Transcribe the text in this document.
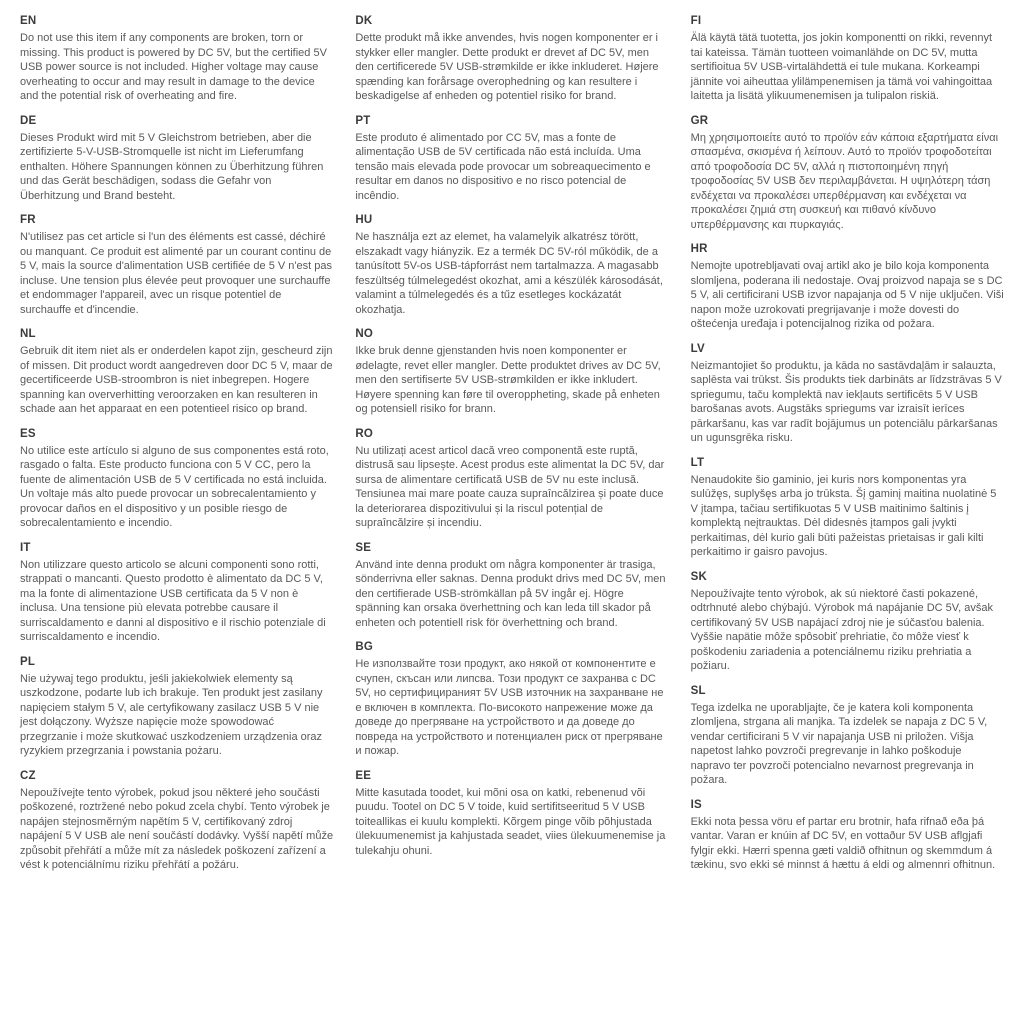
EN

Do not use this item if any components are broken, torn or missing. This product is powered by DC 5V, but the certified 5V USB power source is not included. Higher voltage may cause overheating to occur and may result in damage to the device and the potential risk of overheating and fire.

DE

Dieses Produkt wird mit 5 V Gleichstrom betrieben, aber die zertifizierte 5-V-USB-Stromquelle ist nicht im Lieferumfang enthalten. Höhere Spannungen können zu Überhitzung führen und das Gerät beschädigen, sodass die Gefahr von Überhitzung und Brand besteht.

FR

N'utilisez pas cet article si l'un des éléments est cassé, déchiré ou manquant. Ce produit est alimenté par un courant continu de 5 V, mais la source d'alimentation USB certifiée de 5 V n'est pas incluse. Une tension plus élevée peut provoquer une surchauffe et endommager l'appareil, avec un risque potentiel de surchauffe et d'incendie.

NL

Gebruik dit item niet als er onderdelen kapot zijn, gescheurd zijn of missen. Dit product wordt aangedreven door DC 5 V, maar de gecertificeerde USB-stroombron is niet inbegrepen. Hogere spanning kan oververhitting veroorzaken en kan resulteren in schade aan het apparaat en een potentieel risico op brand.

ES

No utilice este artículo si alguno de sus componentes está roto, rasgado o falta. Este producto funciona con 5 V CC, pero la fuente de alimentación USB de 5 V certificada no está incluida. Un voltaje más alto puede provocar un sobrecalentamiento y provocar daños en el dispositivo y un posible riesgo de sobrecalentamiento e incendio.

IT

Non utilizzare questo articolo se alcuni componenti sono rotti, strappati o mancanti. Questo prodotto è alimentato da DC 5 V, ma la fonte di alimentazione USB certificata da 5 V non è inclusa. Una tensione più elevata potrebbe causare il surriscaldamento e danni al dispositivo e il rischio potenziale di surriscaldamento e incendio.

PL

Nie używaj tego produktu, jeśli jakiekolwiek elementy są uszkodzone, podarte lub ich brakuje. Ten produkt jest zasilany napięciem stałym 5 V, ale certyfikowany zasilacz USB 5 V nie jest dołączony. Wyższe napięcie może spowodować przegrzanie i może skutkować uszkodzeniem urządzenia oraz ryzykiem przegrzania i powstania pożaru.

CZ

Nepoužívejte tento výrobek, pokud jsou některé jeho součásti poškozené, roztržené nebo pokud zcela chybí. Tento výrobek je napájen stejnosměrným napětím 5 V, certifikovaný zdroj napájení 5 V USB ale není součástí dodávky. Vyšší napětí může způsobit přehřátí a může mít za následek poškození zařízení a vést k potenciálnímu riziku přehřátí a požáru.

DK

Dette produkt må ikke anvendes, hvis nogen komponenter er i stykker eller mangler. Dette produkt er drevet af DC 5V, men den certificerede 5V USB-strømkilde er ikke inkluderet. Højere spænding kan forårsage overophedning og kan resultere i beskadigelse af enheden og potentiel risiko for brand.

PT

Este produto é alimentado por CC 5V, mas a fonte de alimentação USB de 5V certificada não está incluída. Uma tensão mais elevada pode provocar um sobreaquecimento e resultar em danos no dispositivo e no risco potencial de incêndio.

HU

Ne használja ezt az elemet, ha valamelyik alkatrész törött, elszakadt vagy hiányzik. Ez a termék DC 5V-ról működik, de a tanúsított 5V-os USB-tápforrást nem tartalmazza. A magasabb feszültség túlmelegedést okozhat, ami a készülék károsodását, valamint a túlmelegedés és a tűz esetleges kockázatát okozhatja.

NO

Ikke bruk denne gjenstanden hvis noen komponenter er ødelagte, revet eller mangler. Dette produktet drives av DC 5V, men den sertifiserte 5V USB-strømkilden er ikke inkludert. Høyere spenning kan føre til overoppheting, skade på enheten og potensiell risiko for brann.

RO

Nu utilizați acest articol dacă vreo componentă este ruptă, distrusă sau lipsește. Acest produs este alimentat la DC 5V, dar sursa de alimentare certificată USB de 5V nu este inclusă. Tensiunea mai mare poate cauza supraîncălzirea și poate duce la deteriorarea dispozitivului și la riscul potențial de supraîncălzire și incendiu.

SE

Använd inte denna produkt om några komponenter är trasiga, sönderrivna eller saknas. Denna produkt drivs med DC 5V, men den certifierade USB-strömkällan på 5V ingår ej. Högre spänning kan orsaka överhettning och kan leda till skador på enheten och potentiell risk för överhettning och brand.

BG

Не използвайте този продукт, ако някой от компонентите е счупен, скъсан или липсва. Този продукт се захранва с DC 5V, но сертифицираният 5V USB източник на захранване не е включен в комплекта. По-високото напрежение може да доведе до прегряване на устройството и да доведе до повреда на устройството и потенциален риск от прегряване и пожар.

EE

Mitte kasutada toodet, kui mõni osa on katki, rebenenud või puudu. Tootel on DC 5 V toide, kuid sertifitseeritud 5 V USB toiteallikas ei kuulu komplekti. Kõrgem pinge võib põhjustada ülekuumenemist ja kahjustada seadet, viies ülekuumenemise ja tulekahju ohuni.

FI

Älä käytä tätä tuotetta, jos jokin komponentti on rikki, revennyt tai kateissa. Tämän tuotteen voimanlähde on DC 5V, mutta sertifioitua 5V USB-virtalähdettä ei tule mukana. Korkeampi jännite voi aiheuttaa ylilämpenemisen ja tämä voi vahingoittaa laitetta ja lisätä ylikuumenemisen ja tulipalon riskiä.

GR

Μη χρησιμοποιείτε αυτό το προϊόν εάν κάποια εξαρτήματα είναι σπασμένα, σκισμένα ή λείπουν. Αυτό το προϊόν τροφοδοτείται από τροφοδοσία DC 5V, αλλά η πιστοποιημένη πηγή τροφοδοσίας 5V USB δεν περιλαμβάνεται. Η υψηλότερη τάση ενδέχεται να προκαλέσει υπερθέρμανση και ενδέχεται να προκαλέσει ζημιά στη συσκευή και πιθανό κίνδυνο υπερθέρμανσης και πυρκαγιάς.

HR

Nemojte upotrebljavati ovaj artikl ako je bilo koja komponenta slomljena, poderana ili nedostaje. Ovaj proizvod napaja se s DC 5 V, ali certificirani USB izvor napajanja od 5 V nije uključen. Viši napon može uzrokovati pregrijavanje i može dovesti do oštećenja uređaja i potencijalnog rizika od požara.

LV

Neizmantojiet šo produktu, ja kāda no sastāvdaļām ir salauzta, saplēsta vai trūkst. Šis produkts tiek darbināts ar līdzstrāvas 5 V spriegumu, taču komplektā nav iekļauts sertificēts 5 V USB barošanas avots. Augstāks spriegums var izraisīt ierīces pārkaršanu, kas var radīt bojājumus un potenciālu pārkaršanas un ugunsgrēka risku.

LT

Nenaudokite šio gaminio, jei kuris nors komponentas yra sulūžęs, suplyšęs arba jo trūksta. Šį gaminį maitina nuolatinė 5 V įtampa, tačiau sertifikuotas 5 V USB maitinimo šaltinis į komplektą neįtrauktas. Dėl didesnės įtampos gali įvykti perkaitimas, dėl kurio gali būti pažeistas prietaisas ir gali kilti perkaitimo ir gaisro pavojus.

SK

Nepoužívajte tento výrobok, ak sú niektoré časti pokazené, odtrhnuté alebo chýbajú. Výrobok má napájanie DC 5V, avšak certifikovaný 5V USB napájací zdroj nie je súčasťou balenia. Vyššie napätie môže spôsobiť prehriatie, čo môže viesť k poškodeniu zariadenia a potenciálnemu riziku prehriatia a požiaru.

SL

Tega izdelka ne uporabljajte, če je katera koli komponenta zlomljena, strgana ali manjka. Ta izdelek se napaja z DC 5 V, vendar certificirani 5 V vir napajanja USB ni priložen. Višja napetost lahko povzroči pregrevanje in lahko poškoduje napravo ter povzroči potencialno nevarnost pregrevanja in požara.

IS

Ekki nota þessa vöru ef partar eru brotnir, hafa rifnað eða þá vantar. Varan er knúin af DC 5V, en vottaður 5V USB aflgjafi fylgir ekki. Hærri spenna gæti valdið ofhitnun og skemmdum á tækinu, svo ekki sé minnst á hættu á eldi og almennri ofhitnun.
